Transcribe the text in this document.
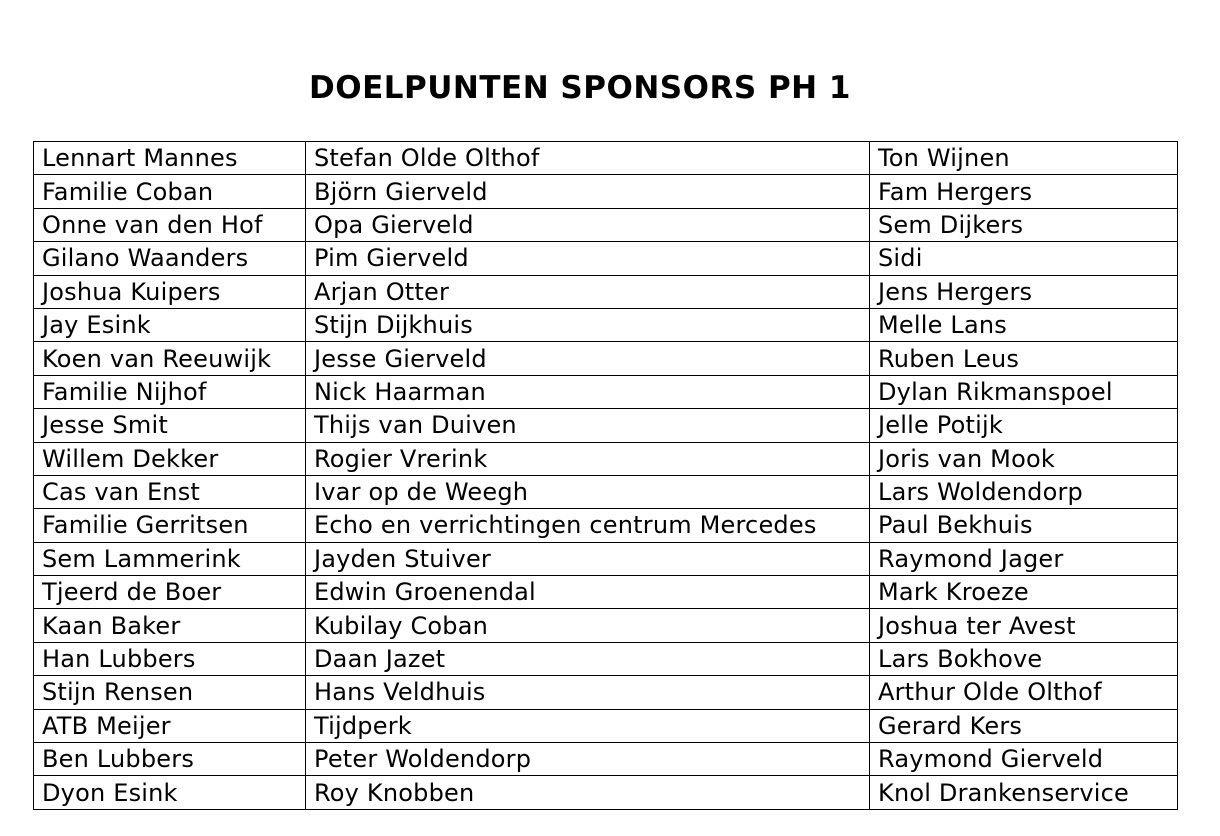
DOELPUNTEN SPONSORS PH 1
Lennart Mannes	Stefan Olde Olthof	Ton Wijnen
Familie Coban	Björn Gierveld	Fam Hergers
Onne van den Hof	Opa Gierveld	Sem Dijkers
Gilano Waanders	Pim Gierveld	Sidi
Joshua Kuipers	Arjan Otter	Jens Hergers
Jay Esink	Stijn Dijkhuis	Melle Lans
Koen van Reeuwijk	Jesse Gierveld	Ruben Leus
Familie Nijhof	Nick Haarman	Dylan Rikmanspoel
Jesse Smit	Thijs van Duiven	Jelle Potijk
Willem Dekker	Rogier Vrerink	Joris van Mook
Cas van Enst	Ivar op de Weegh	Lars Woldendorp
Familie Gerritsen	Echo en verrichtingen centrum Mercedes	Paul Bekhuis
Sem Lammerink	Jayden Stuiver	Raymond Jager
Tjeerd de Boer	Edwin Groenendal	Mark Kroeze
Kaan Baker	Kubilay Coban	Joshua ter Avest
Han Lubbers	Daan Jazet	Lars Bokhove
Stijn Rensen	Hans Veldhuis	Arthur Olde Olthof
ATB Meijer	Tijdperk	Gerard Kers
Ben Lubbers	Peter Woldendorp	Raymond Gierveld
Dyon Esink	Roy Knobben	Knol Drankenservice
